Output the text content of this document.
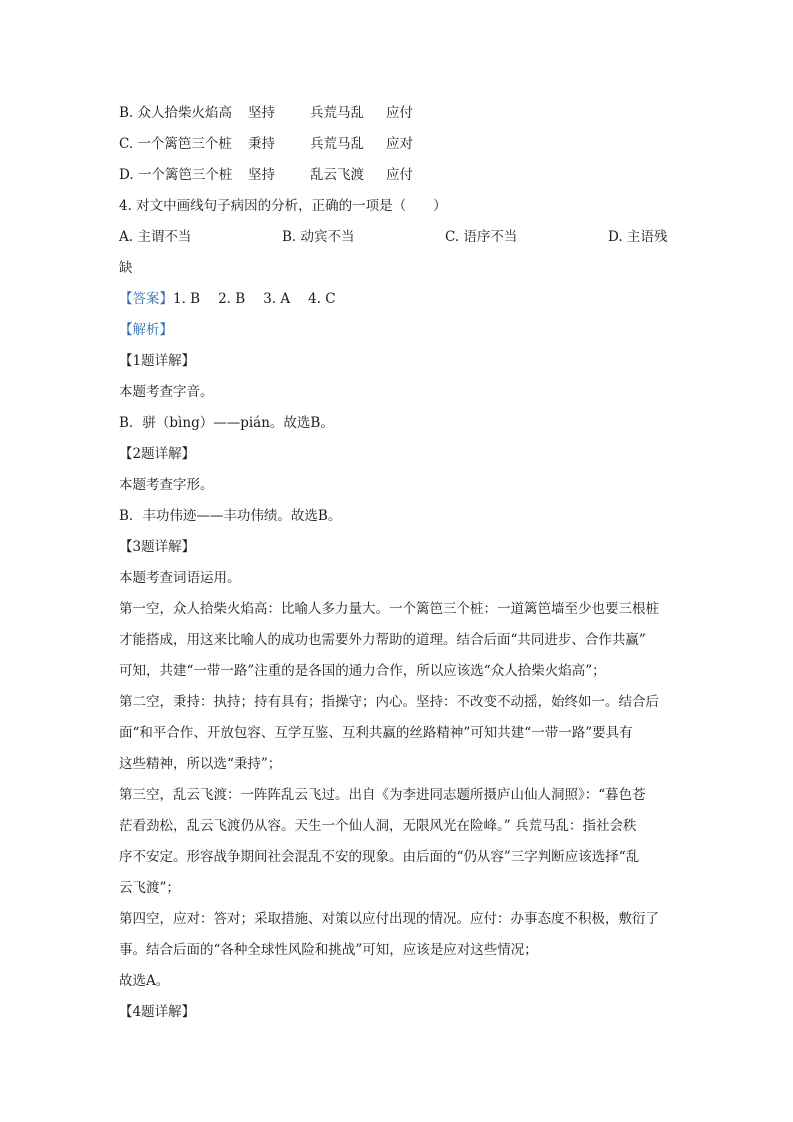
B. 众人拾柴火焰高 坚持	兵荒马乱 应付
C. 一个篱笆三个桩 秉持	兵荒马乱 应对
D. 一个篱笆三个桩 坚持	乱云飞渡 应付
4. 对文中画线句子病因的分析，正确的一项是（　　）
A. 主谓不当	B. 动宾不当	C. 语序不当	D. 主语残
缺
【答案】1. B 2. B 3. A 4. C
【解析】
【1题详解】
本题考查字音。
B．骈（bìng）——pián。故选B。
【2题详解】
本题考查字形。
B．丰功伟迹——丰功伟绩。故选B。
【3题详解】
本题考查词语运用。
第一空，众人拾柴火焰高：比喻人多力量大。一个篱笆三个桩：一道篱笆墙至少也要三根桩
才能搭成，用这来比喻人的成功也需要外力帮助的道理。结合后面“共同进步、合作共赢”
可知，共建“一带一路”注重的是各国的通力合作，所以应该选“众人拾柴火焰高”；
第二空，秉持：执持；持有具有；指操守；内心。坚持：不改变不动摇，始终如一。结合后
面“和平合作、开放包容、互学互鉴、互利共赢的丝路精神”可知共建“一带一路”要具有
这些精神，所以选“秉持”；
第三空，乱云飞渡：一阵阵乱云飞过。出自《为李进同志题所摄庐山仙人洞照》：“暮色苍
茫看劲松，乱云飞渡仍从容。天生一个仙人洞，无限风光在险峰。” 兵荒马乱：指社会秩
序不安定。形容战争期间社会混乱不安的现象。由后面的“仍从容”三字判断应该选择“乱
云飞渡”；
第四空，应对：答对；采取措施、对策以应付出现的情况。应付：办事态度不积极，敷衍了
事。结合后面的“各种全球性风险和挑战”可知，应该是应对这些情况；
故选A。
【4题详解】
